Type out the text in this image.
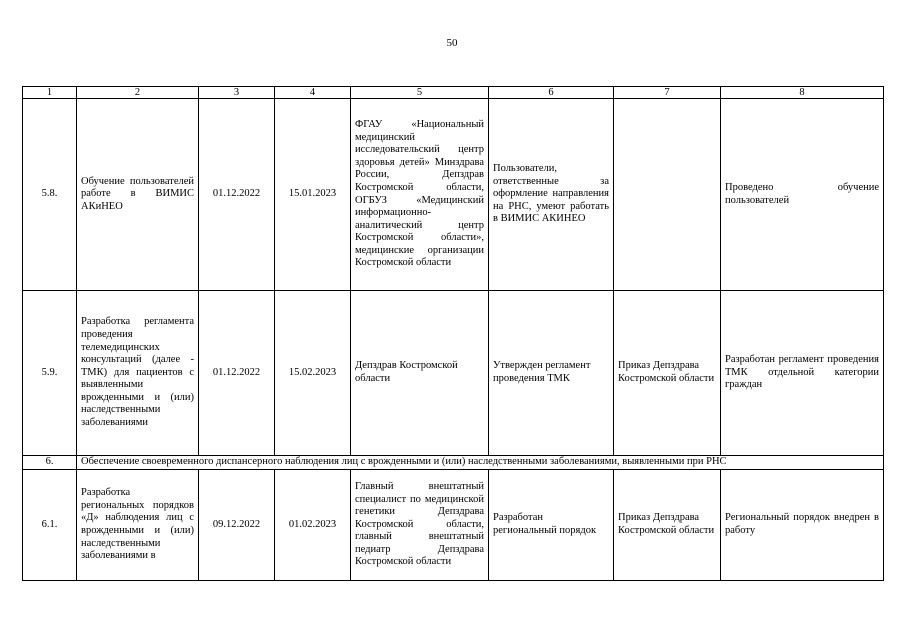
50
1	2	3	4	5	6	7	8
5.8.	Обучение пользователей работе в ВИМИС АКиНЕО	01.12.2022	15.01.2023	ФГАУ «Национальный медицинский исследовательский центр здоровья детей» Минздрава России, Депздрав Костромской области, ОГБУЗ «Медицинский информационно-аналитический центр Костромской области», медицинские организации Костромской области	Пользователи, ответственные за оформление направления на РНС, умеют работать в ВИМИС АКИНЕО		Проведено обучение пользователей
5.9.	Разработка регламента проведения телемедицинских консультаций (далее - ТМК) для пациентов с выявленными врожденными и (или) наследственными заболеваниями	01.12.2022	15.02.2023	Депздрав Костромской области	Утвержден регламент проведения ТМК	Приказ Депздрава Костромской области	Разработан регламент проведения ТМК отдельной категории граждан
6.	Обеспечение своевременного диспансерного наблюдения лиц с врожденными и (или) наследственными заболеваниями, выявленными при РНС						
6.1.	Разработка региональных порядков «Д» наблюдения лиц с врожденными и (или) наследственными заболеваниями в	09.12.2022	01.02.2023	Главный внештатный специалист по медицинской генетики Депздрава Костромской области, главный внештатный педиатр Депздрава Костромской области	Разработан региональный порядок	Приказ Депздрава Костромской области	Региональный порядок внедрен в работу
